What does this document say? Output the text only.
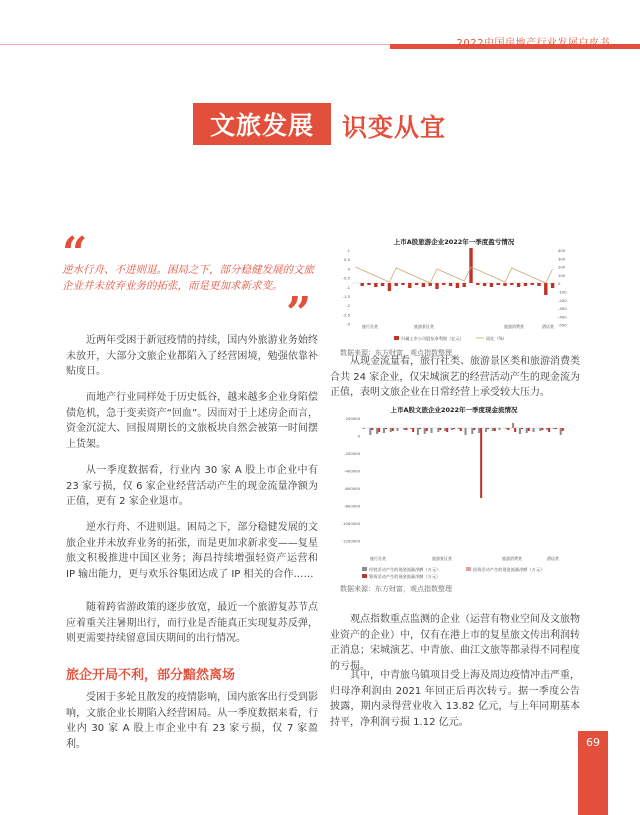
文旅发展	识变从宜
“
逆水行舟、不进则退。困局之下，部分稳健发展的文旅企业并未放弃业务的拓张，而是更加求新求变。
”

近两年受困于新冠疫情的持续，国内外旅游业务始终未放开，大部分文旅企业都陷入了经营困境，勉强依靠补贴度日。

而地产行业同样处于历史低谷，越来越多企业身陷偿债危机，急于变卖资产“回血”。因而对于上述房企而言，资金沉淀大、回报周期长的文旅板块自然会被第一时间摆上货架。

从一季度数据看，行业内 30 家 A 股上市企业中有 23 家亏损，仅 6 家企业经营活动产生的现金流量净额为正值，更有 2 家企业退市。

逆水行舟、不进则退。困局之下，部分稳健发展的文旅企业并未放弃业务的拓张，而是更加求新求变——复星旅文积极推进中国区业务；海昌持续增强轻资产运营和 IP 输出能力，更与欢乐谷集团达成了 IP 相关的合作……

随着跨省游政策的逐步放宽，最近一个旅游复苏节点应着重关注暑期出行，而行业是否能真正实现复苏反弹，则更需要持续留意国庆期间的出行情况。

旅企开局不利，部分黯然离场

受困于多轮且散发的疫情影响，国内旅客出行受到影响，文旅企业长期陷入经营困局。从一季度数据来看，行业内 30 家 A 股上市企业中有 23 家亏损，仅 7 家盈利。

上市A股旅游企业2022年一季度盈亏情况
1
0.5
0
-0.5
-1
-1.5
-2
-2.5
-3
400
300
200
100
0
-100
-200
-300
-400
-500
旅行社类	旅游景区类	旅游消费类	酒店类
归属上市公司股东净利润（亿元）	同比（%）
数据来源：东方财富，观点指数整理

从现金流量看，旅行社类、旅游景区类和旅游消费类合共 24 家企业，仅宋城演艺的经营活动产生的现金流为正值，表明文旅企业在日常经营上承受较大压力。

上市A股文旅企业2022年一季度现金流情况
200000
0
-200000
-400000
-600000
-800000
-1000000
-1200000
旅行社类	旅游景区类	旅游消费类	酒店类
经营活动产生的现金流量净额（万元）
筹资活动产生的现金流量净额（万元）
投资活动产生的现金流量净额（万元）
数据来源：东方财富，观点指数整理

观点指数重点监测的企业（运营有物业空间及文旅物业资产的企业）中，仅有在港上市的复星旅文传出利润转正消息；宋城演艺、中青旅、曲江文旅等都录得不同程度的亏损。

其中，中青旅乌镇项目受上海及周边疫情冲击严重，归母净利润由 2021 年回正后再次转亏。据一季度公告披露，期内录得营业收入 13.82 亿元，与上年同期基本持平，净利润亏损 1.12 亿元。

69
